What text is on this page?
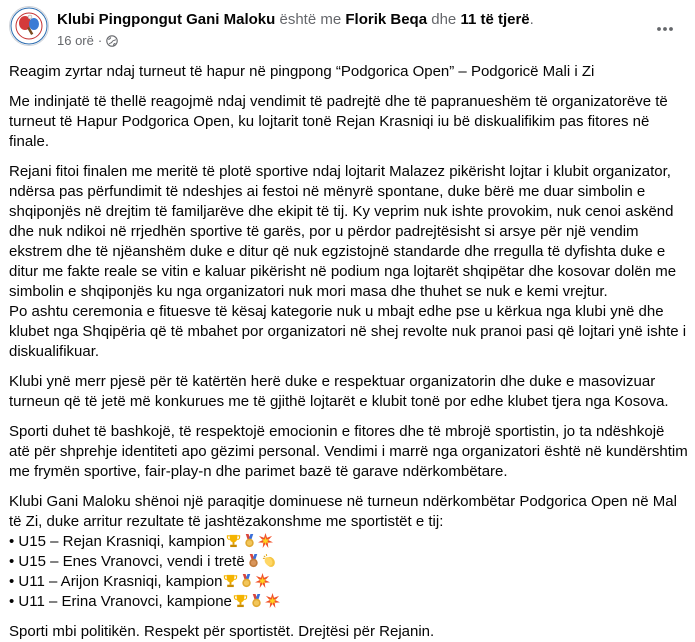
Klubi Pingpongut Gani Maloku është me Florik Beqa dhe 11 të tjerë.
16 orë ·

Reagim zyrtar ndaj turneut të hapur në pingpong “Podgorica Open” – Podgoricë Mali i Zi

Me indinjatë të thellë reagojmë ndaj vendimit të padrejtë dhe të papranueshëm të organizatorëve të turneut të Hapur Podgorica Open, ku lojtarit tonë Rejan Krasniqi iu bë diskualifikim pas fitores në finale.

Rejani fitoi finalen me meritë të plotë sportive ndaj lojtarit Malazez pikërisht lojtar i klubit organizator, ndërsa pas përfundimit të ndeshjes ai festoi në mënyrë spontane, duke bërë me duar simbolin e shqiponjës në drejtim të familjarëve dhe ekipit të tij. Ky veprim nuk ishte provokim, nuk cenoi askënd dhe nuk ndikoi në rrjedhën sportive të garës, por u përdor padrejtësisht si arsye për një vendim ekstrem dhe të njëanshëm duke e ditur që nuk egzistojnë standarde dhe rregulla të dyfishta duke e ditur me fakte reale se vitin e kaluar pikërisht në podium nga lojtarët shqipëtar dhe kosovar dolën me simbolin e shqiponjës ku nga organizatori nuk mori masa dhe thuhet se nuk e kemi vrejtur.
Po ashtu ceremonia e fituesve të kësaj kategorie nuk u mbajt edhe pse u kërkua nga klubi ynë dhe klubet nga Shqipëria që të mbahet por organizatori në shej revolte nuk pranoi pasi që lojtari ynë ishte i diskualifikuar.

Klubi ynë merr pjesë për të katërtën herë duke e respektuar organizatorin dhe duke e masovizuar turneun që të jetë më konkurues me të gjithë lojtarët e klubit tonë por edhe klubet tjera nga Kosova.

Sporti duhet të bashkojë, të respektojë emocionin e fitores dhe të mbrojë sportistin, jo ta ndëshkojë atë për shprehje identiteti apo gëzimi personal. Vendimi i marrë nga organizatori është në kundërshtim me frymën sportive, fair-play-n dhe parimet bazë të garave ndërkombëtare.

Klubi Gani Maloku shënoi një paraqitje dominuese në turneun ndërkombëtar Podgorica Open në Mal të Zi, duke arritur rezultate të jashtëzakonshme me sportistët e tij:

• U15 – Rejan Krasniqi, kampion
• U15 – Enes Vranovci, vendi i tretë
• U11 – Arijon Krasniqi, kampion
• U11 – Erina Vranovci, kampione

Sporti mbi politikën. Respekt për sportistët. Drejtësi për Rejanin.
